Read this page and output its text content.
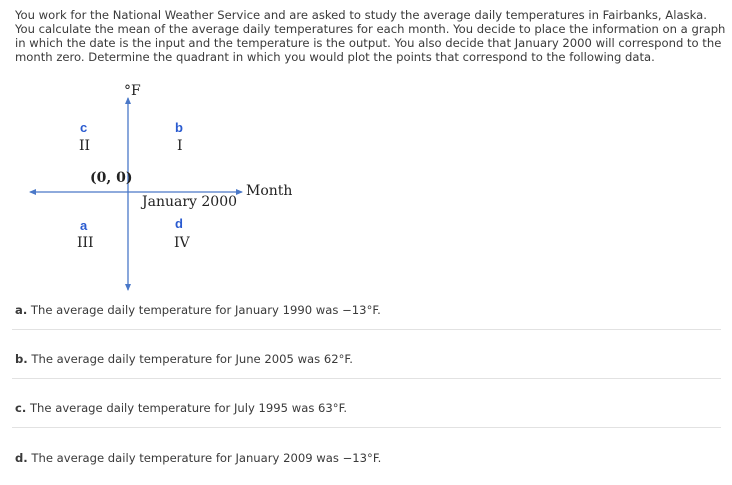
You work for the National Weather Service and are asked to study the average daily temperatures in Fairbanks, Alaska. You calculate the mean of the average daily temperatures for each month. You decide to place the information on a graph in which the date is the input and the temperature is the output. You also decide that January 2000 will correspond to the month zero. Determine the quadrant in which you would plot the points that correspond to the following data.

°F
Month
(0, 0)
January 2000
b
I
c
II
a
III
d
IV

a. The average daily temperature for January 1990 was −13°F.

b. The average daily temperature for June 2005 was 62°F.

c. The average daily temperature for July 1995 was 63°F.

d. The average daily temperature for January 2009 was −13°F.
